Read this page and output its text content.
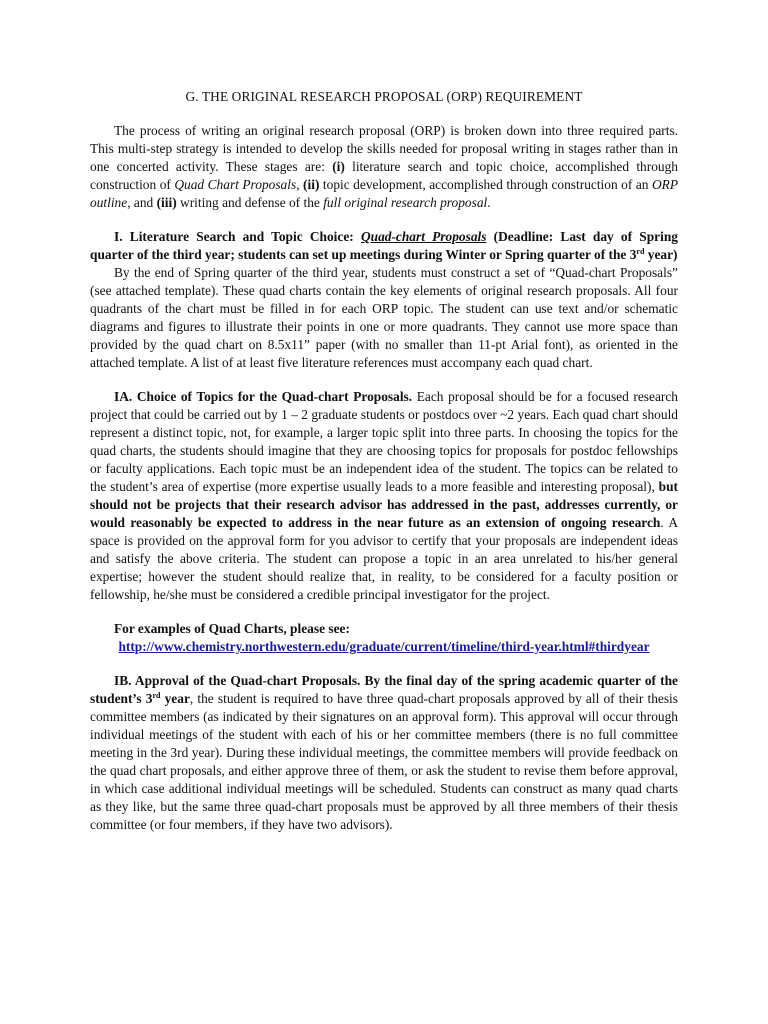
G. THE ORIGINAL RESEARCH PROPOSAL (ORP) REQUIREMENT

The process of writing an original research proposal (ORP) is broken down into three required parts. This multi-step strategy is intended to develop the skills needed for proposal writing in stages rather than in one concerted activity. These stages are: (i) literature search and topic choice, accomplished through construction of Quad Chart Proposals, (ii) topic development, accomplished through construction of an ORP outline, and (iii) writing and defense of the full original research proposal.

I. Literature Search and Topic Choice: Quad-chart Proposals (Deadline: Last day of Spring quarter of the third year; students can set up meetings during Winter or Spring quarter of the 3rd year)

By the end of Spring quarter of the third year, students must construct a set of “Quad-chart Proposals” (see attached template). These quad charts contain the key elements of original research proposals. All four quadrants of the chart must be filled in for each ORP topic. The student can use text and/or schematic diagrams and figures to illustrate their points in one or more quadrants. They cannot use more space than provided by the quad chart on 8.5x11” paper (with no smaller than 11-pt Arial font), as oriented in the attached template. A list of at least five literature references must accompany each quad chart.

IA. Choice of Topics for the Quad-chart Proposals. Each proposal should be for a focused research project that could be carried out by 1 – 2 graduate students or postdocs over ~2 years. Each quad chart should represent a distinct topic, not, for example, a larger topic split into three parts. In choosing the topics for the quad charts, the students should imagine that they are choosing topics for proposals for postdoc fellowships or faculty applications. Each topic must be an independent idea of the student. The topics can be related to the student’s area of expertise (more expertise usually leads to a more feasible and interesting proposal), but should not be projects that their research advisor has addressed in the past, addresses currently, or would reasonably be expected to address in the near future as an extension of ongoing research. A space is provided on the approval form for you advisor to certify that your proposals are independent ideas and satisfy the above criteria. The student can propose a topic in an area unrelated to his/her general expertise; however the student should realize that, in reality, to be considered for a faculty position or fellowship, he/she must be considered a credible principal investigator for the project.

For examples of Quad Charts, please see:

http://www.chemistry.northwestern.edu/graduate/current/timeline/third-year.html#thirdyear

IB. Approval of the Quad-chart Proposals. By the final day of the spring academic quarter of the student’s 3rd year, the student is required to have three quad-chart proposals approved by all of their thesis committee members (as indicated by their signatures on an approval form). This approval will occur through individual meetings of the student with each of his or her committee members (there is no full committee meeting in the 3rd year). During these individual meetings, the committee members will provide feedback on the quad chart proposals, and either approve three of them, or ask the student to revise them before approval, in which case additional individual meetings will be scheduled. Students can construct as many quad charts as they like, but the same three quad-chart proposals must be approved by all three members of their thesis committee (or four members, if they have two advisors).
